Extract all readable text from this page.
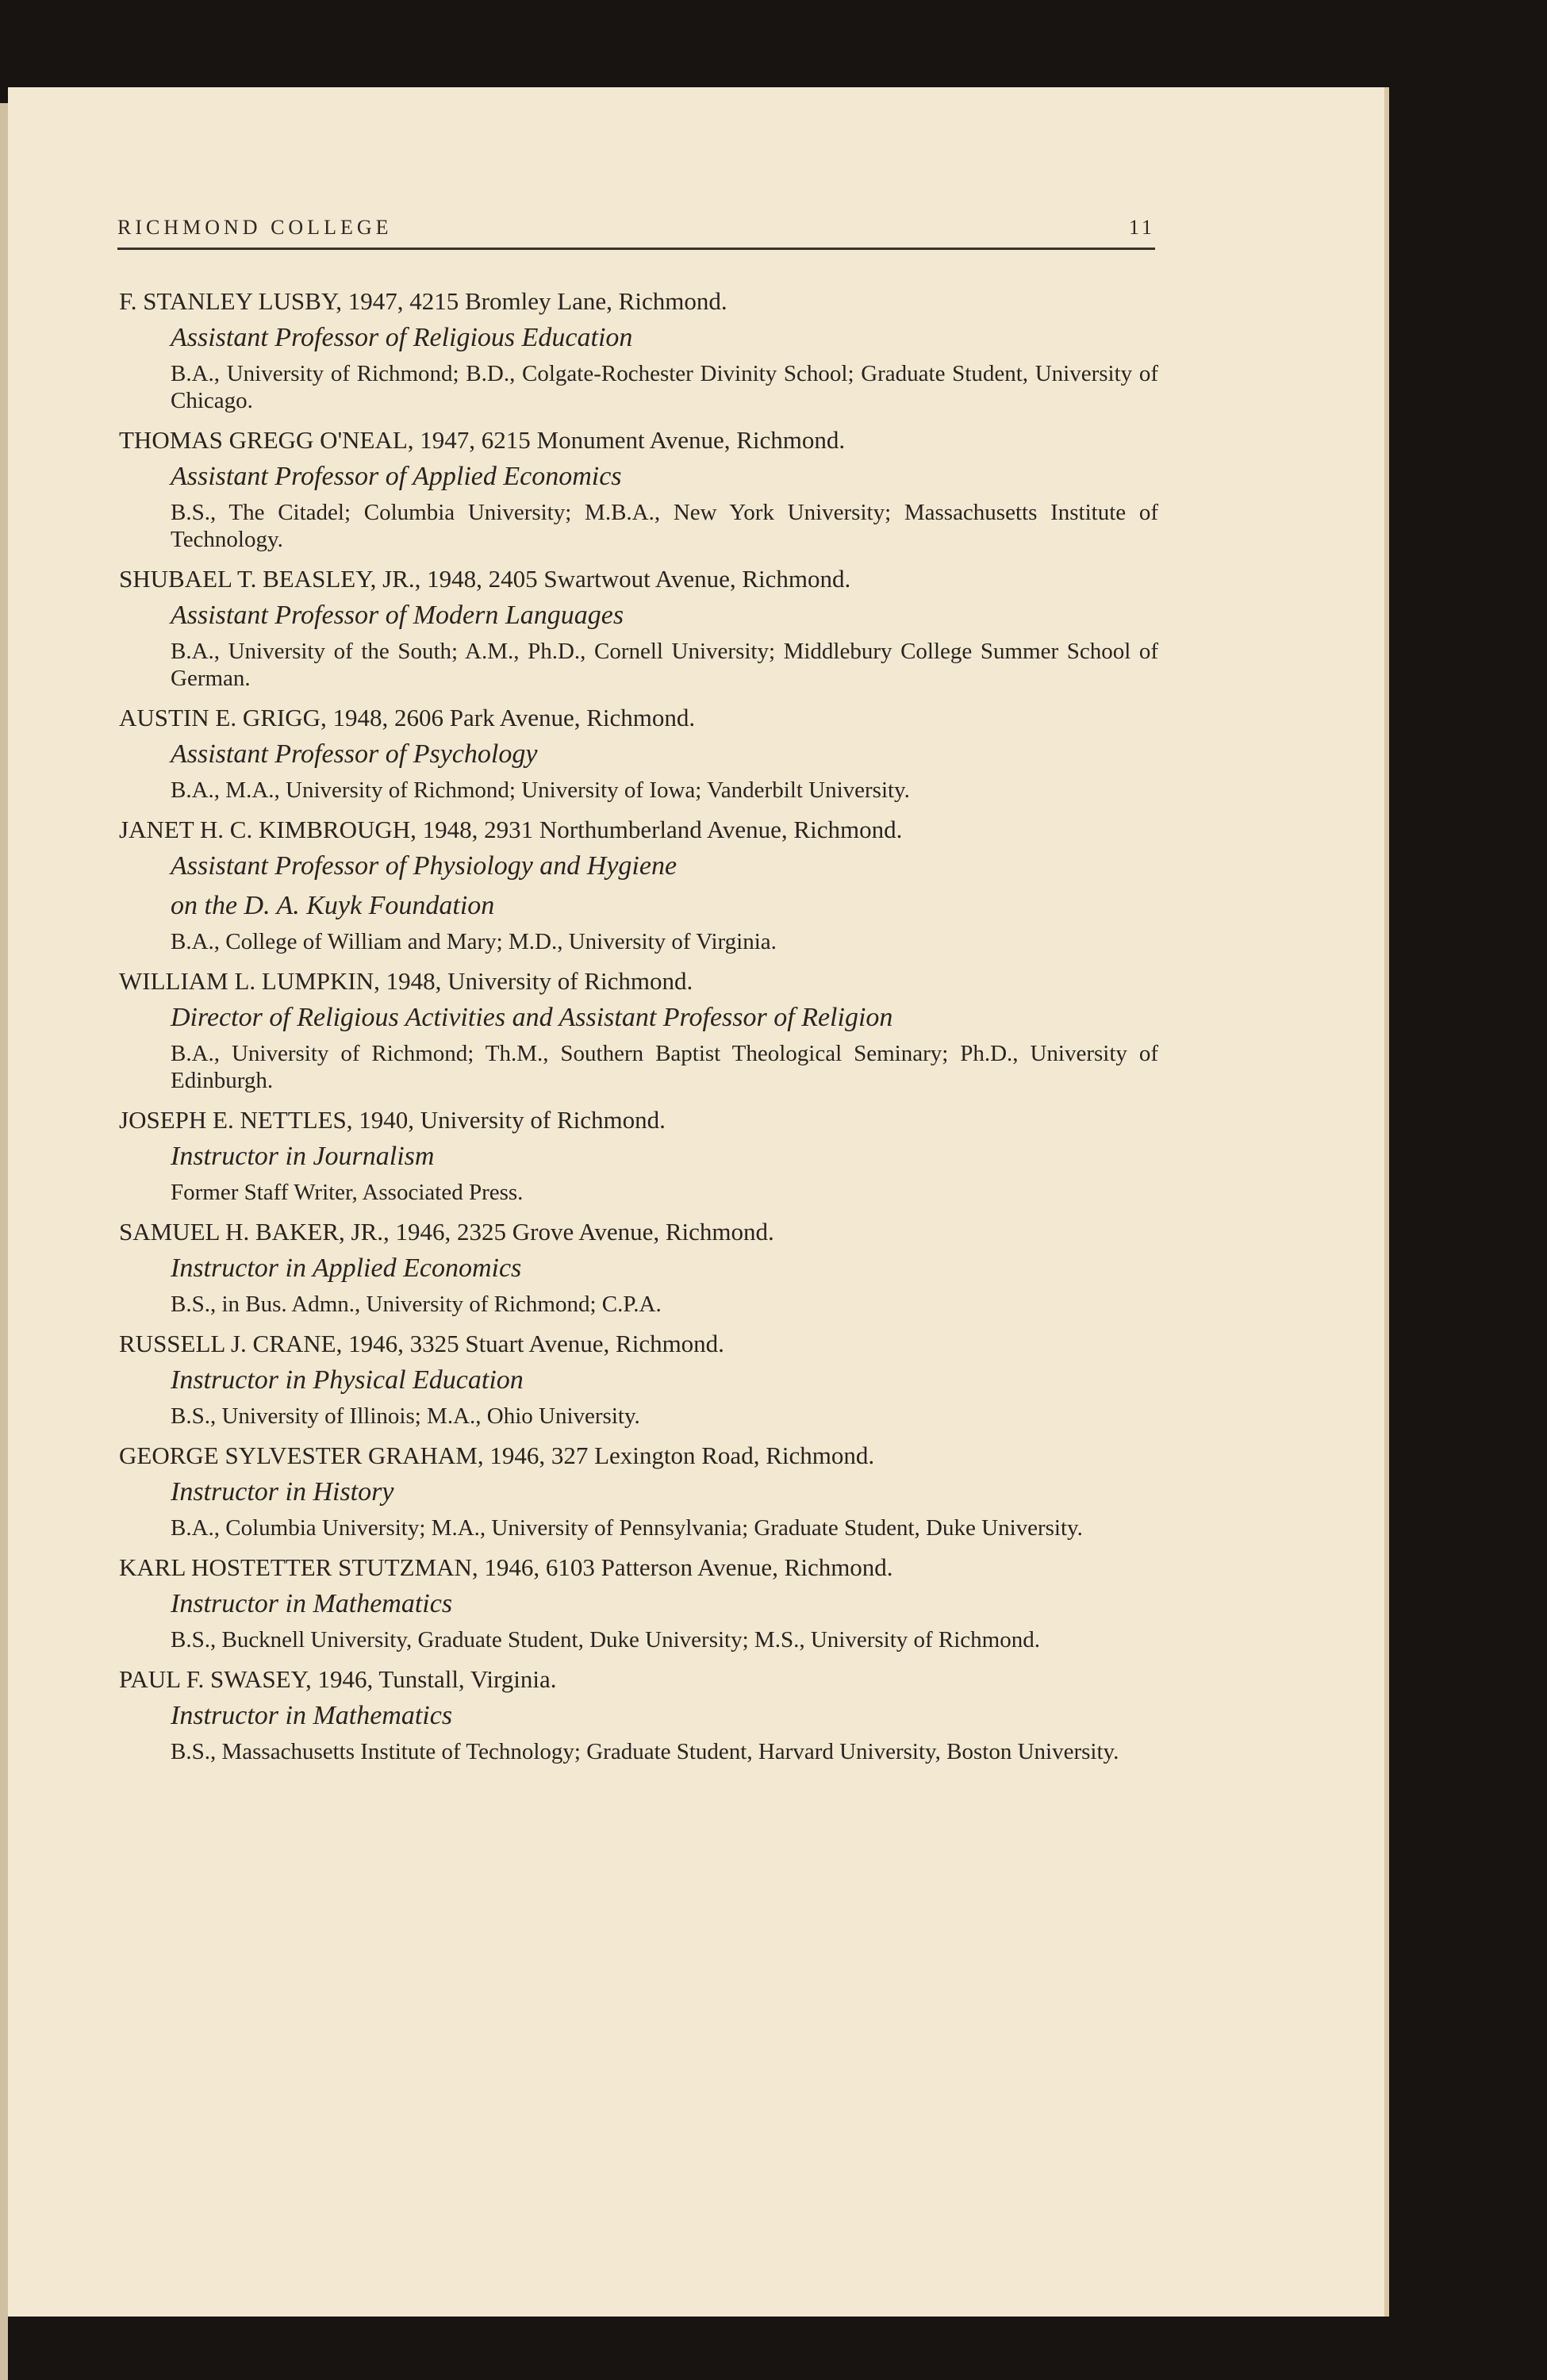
RICHMOND COLLEGE	11
F. STANLEY LUSBY, 1947, 4215 Bromley Lane, Richmond.
Assistant Professor of Religious Education
B.A., University of Richmond; B.D., Colgate-Rochester Divinity School; Graduate Student, University of Chicago.
THOMAS GREGG O'NEAL, 1947, 6215 Monument Avenue, Richmond.
Assistant Professor of Applied Economics
B.S., The Citadel; Columbia University; M.B.A., New York University; Massachusetts Institute of Technology.
SHUBAEL T. BEASLEY, JR., 1948, 2405 Swartwout Avenue, Richmond.
Assistant Professor of Modern Languages
B.A., University of the South; A.M., Ph.D., Cornell University; Middlebury College Summer School of German.
AUSTIN E. GRIGG, 1948, 2606 Park Avenue, Richmond.
Assistant Professor of Psychology
B.A., M.A., University of Richmond; University of Iowa; Vanderbilt University.
JANET H. C. KIMBROUGH, 1948, 2931 Northumberland Avenue, Richmond.
Assistant Professor of Physiology and Hygiene
on the D. A. Kuyk Foundation
B.A., College of William and Mary; M.D., University of Virginia.
WILLIAM L. LUMPKIN, 1948, University of Richmond.
Director of Religious Activities and Assistant Professor of Religion
B.A., University of Richmond; Th.M., Southern Baptist Theological Seminary; Ph.D., University of Edinburgh.
JOSEPH E. NETTLES, 1940, University of Richmond.
Instructor in Journalism
Former Staff Writer, Associated Press.
SAMUEL H. BAKER, JR., 1946, 2325 Grove Avenue, Richmond.
Instructor in Applied Economics
B.S., in Bus. Admn., University of Richmond; C.P.A.
RUSSELL J. CRANE, 1946, 3325 Stuart Avenue, Richmond.
Instructor in Physical Education
B.S., University of Illinois; M.A., Ohio University.
GEORGE SYLVESTER GRAHAM, 1946, 327 Lexington Road, Richmond.
Instructor in History
B.A., Columbia University; M.A., University of Pennsylvania; Graduate Student, Duke University.
KARL HOSTETTER STUTZMAN, 1946, 6103 Patterson Avenue, Richmond.
Instructor in Mathematics
B.S., Bucknell University, Graduate Student, Duke University; M.S., University of Richmond.
PAUL F. SWASEY, 1946, Tunstall, Virginia.
Instructor in Mathematics
B.S., Massachusetts Institute of Technology; Graduate Student, Harvard University, Boston University.
